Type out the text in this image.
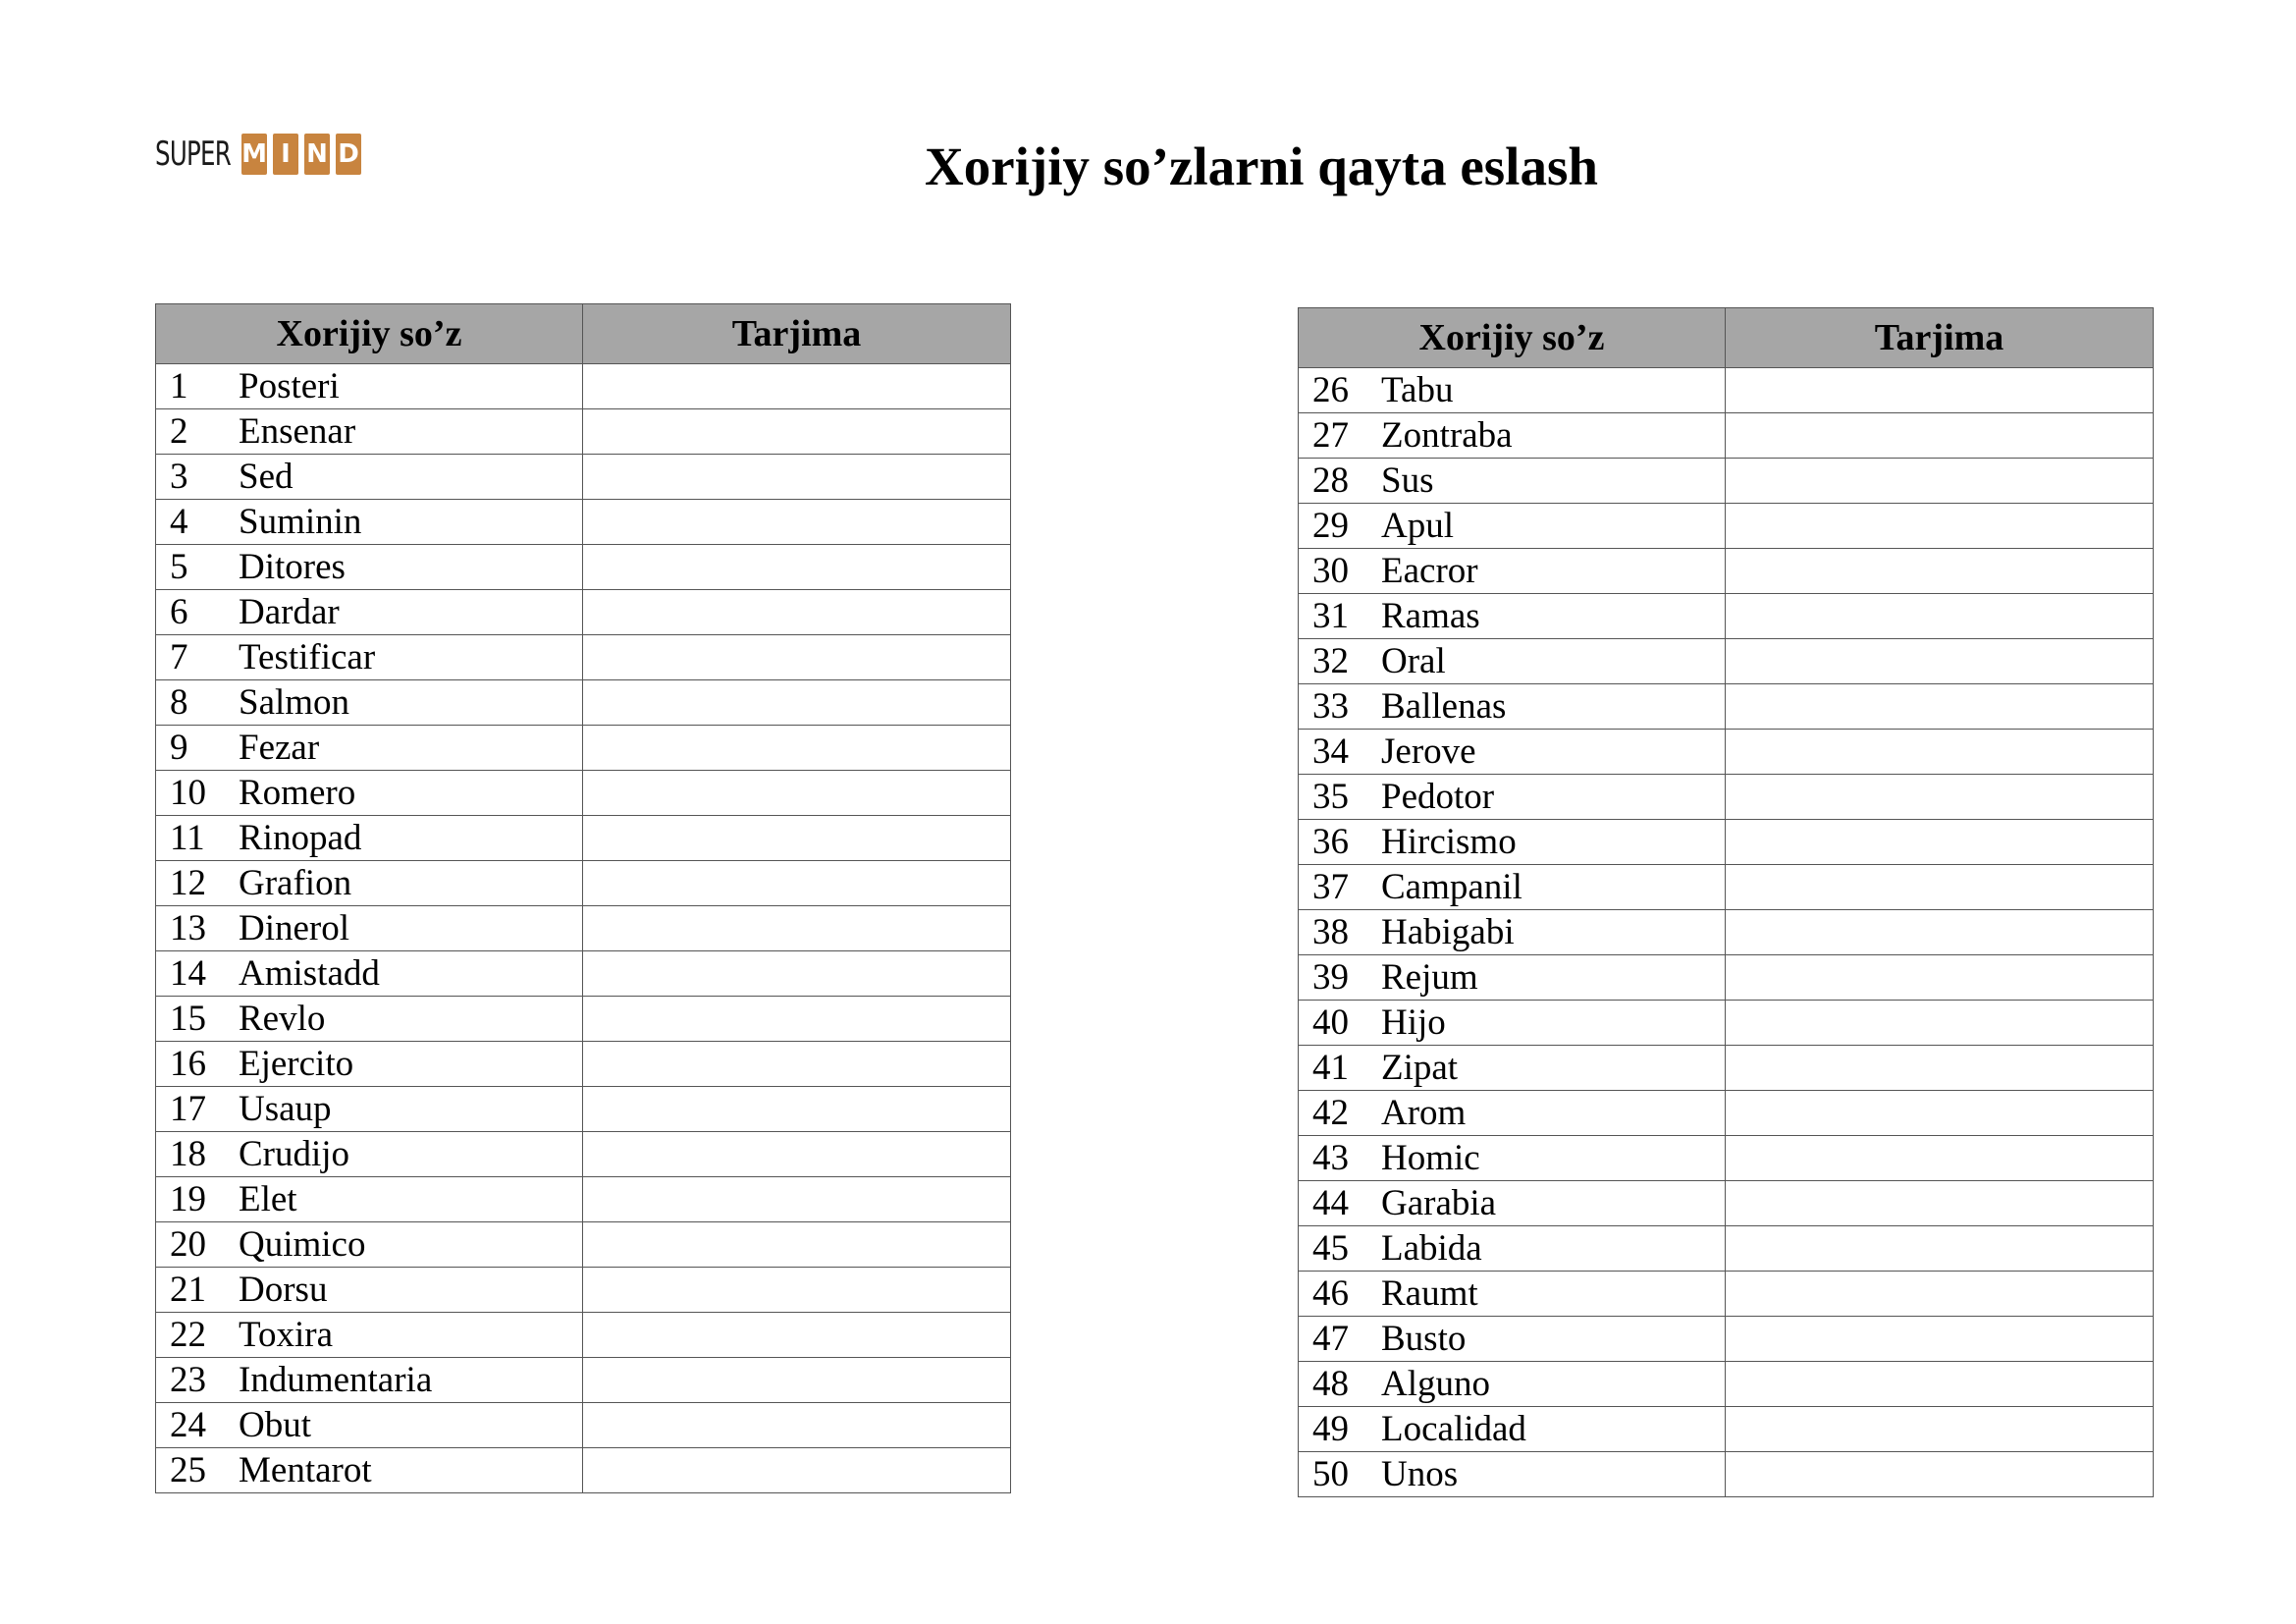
SUPER M I N D	Xorijiy so’zlarni qayta eslash
Xorijiy so’z	Tarjima
1 Posteri	
2 Ensenar	
3 Sed	
4 Suminin	
5 Ditores	
6 Dardar	
7 Testificar	
8 Salmon	
9 Fezar	
10 Romero	
11 Rinopad	
12 Grafion	
13 Dinerol	
14 Amistadd	
15 Revlo	
16 Ejercito	
17 Usaup	
18 Crudijo	
19 Elet	
20 Quimico	
21 Dorsu	
22 Toxira	
23 Indumentaria	
24 Obut	
25 Mentarot	
Xorijiy so’z	Tarjima
26 Tabu	
27 Zontraba	
28 Sus	
29 Apul	
30 Eacror	
31 Ramas	
32 Oral	
33 Ballenas	
34 Jerove	
35 Pedotor	
36 Hircismo	
37 Campanil	
38 Habigabi	
39 Rejum	
40 Hijo	
41 Zipat	
42 Arom	
43 Homic	
44 Garabia	
45 Labida	
46 Raumt	
47 Busto	
48 Alguno	
49 Localidad	
50 Unos	
